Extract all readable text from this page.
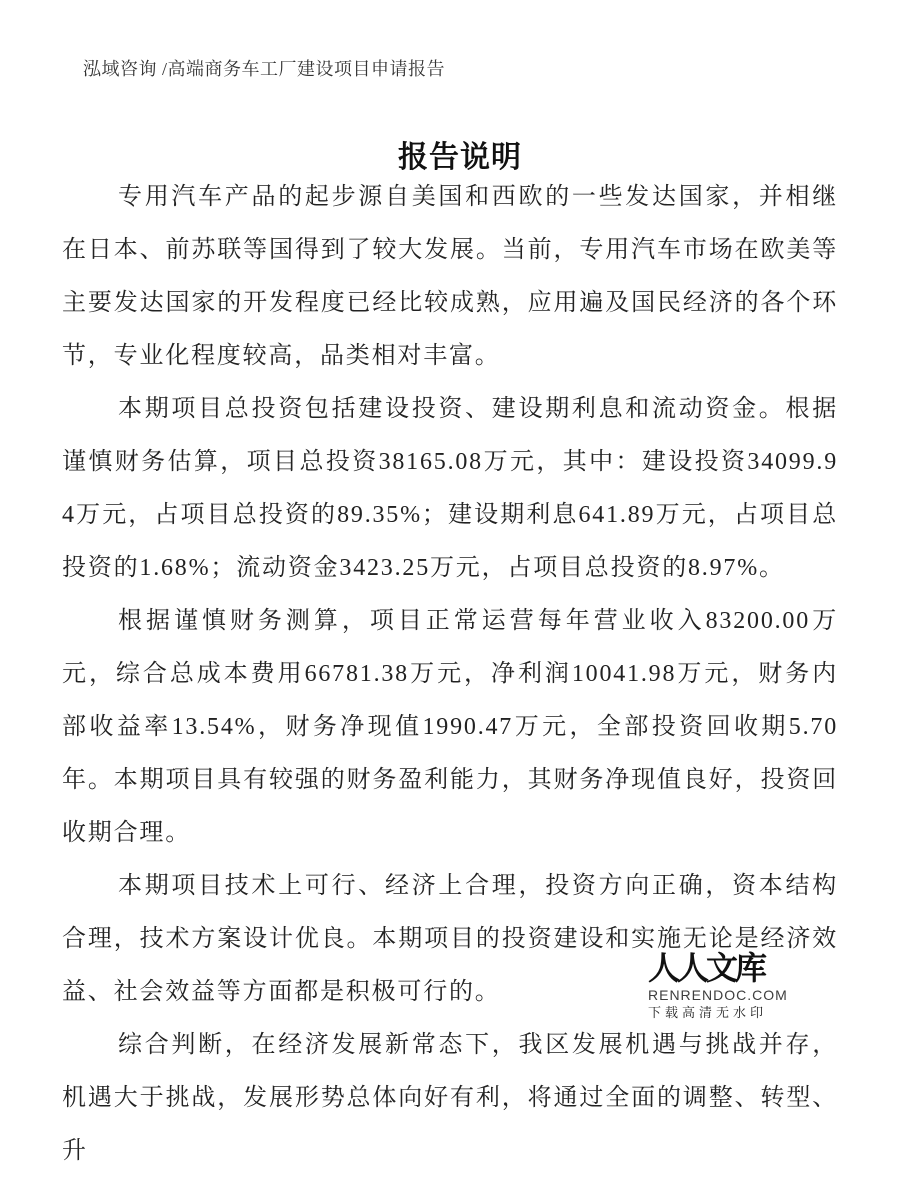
泓域咨询 /高端商务车工厂建设项目申请报告
报告说明

专用汽车产品的起步源自美国和西欧的一些发达国家，并相继在日本、前苏联等国得到了较大发展。当前，专用汽车市场在欧美等主要发达国家的开发程度已经比较成熟，应用遍及国民经济的各个环节，专业化程度较高，品类相对丰富。

本期项目总投资包括建设投资、建设期利息和流动资金。根据谨慎财务估算，项目总投资38165.08万元，其中：建设投资34099.94万元，占项目总投资的89.35%；建设期利息641.89万元，占项目总投资的1.68%；流动资金3423.25万元，占项目总投资的8.97%。

根据谨慎财务测算，项目正常运营每年营业收入83200.00万元，综合总成本费用66781.38万元，净利润10041.98万元，财务内部收益率13.54%，财务净现值1990.47万元，全部投资回收期5.70年。本期项目具有较强的财务盈利能力，其财务净现值良好，投资回收期合理。

本期项目技术上可行、经济上合理，投资方向正确，资本结构合理，技术方案设计优良。本期项目的投资建设和实施无论是经济效益、社会效益等方面都是积极可行的。

综合判断，在经济发展新常态下，我区发展机遇与挑战并存，机遇大于挑战，发展形势总体向好有利，将通过全面的调整、转型、升

人人文库
RENRENDOC.COM
下载高清无水印
